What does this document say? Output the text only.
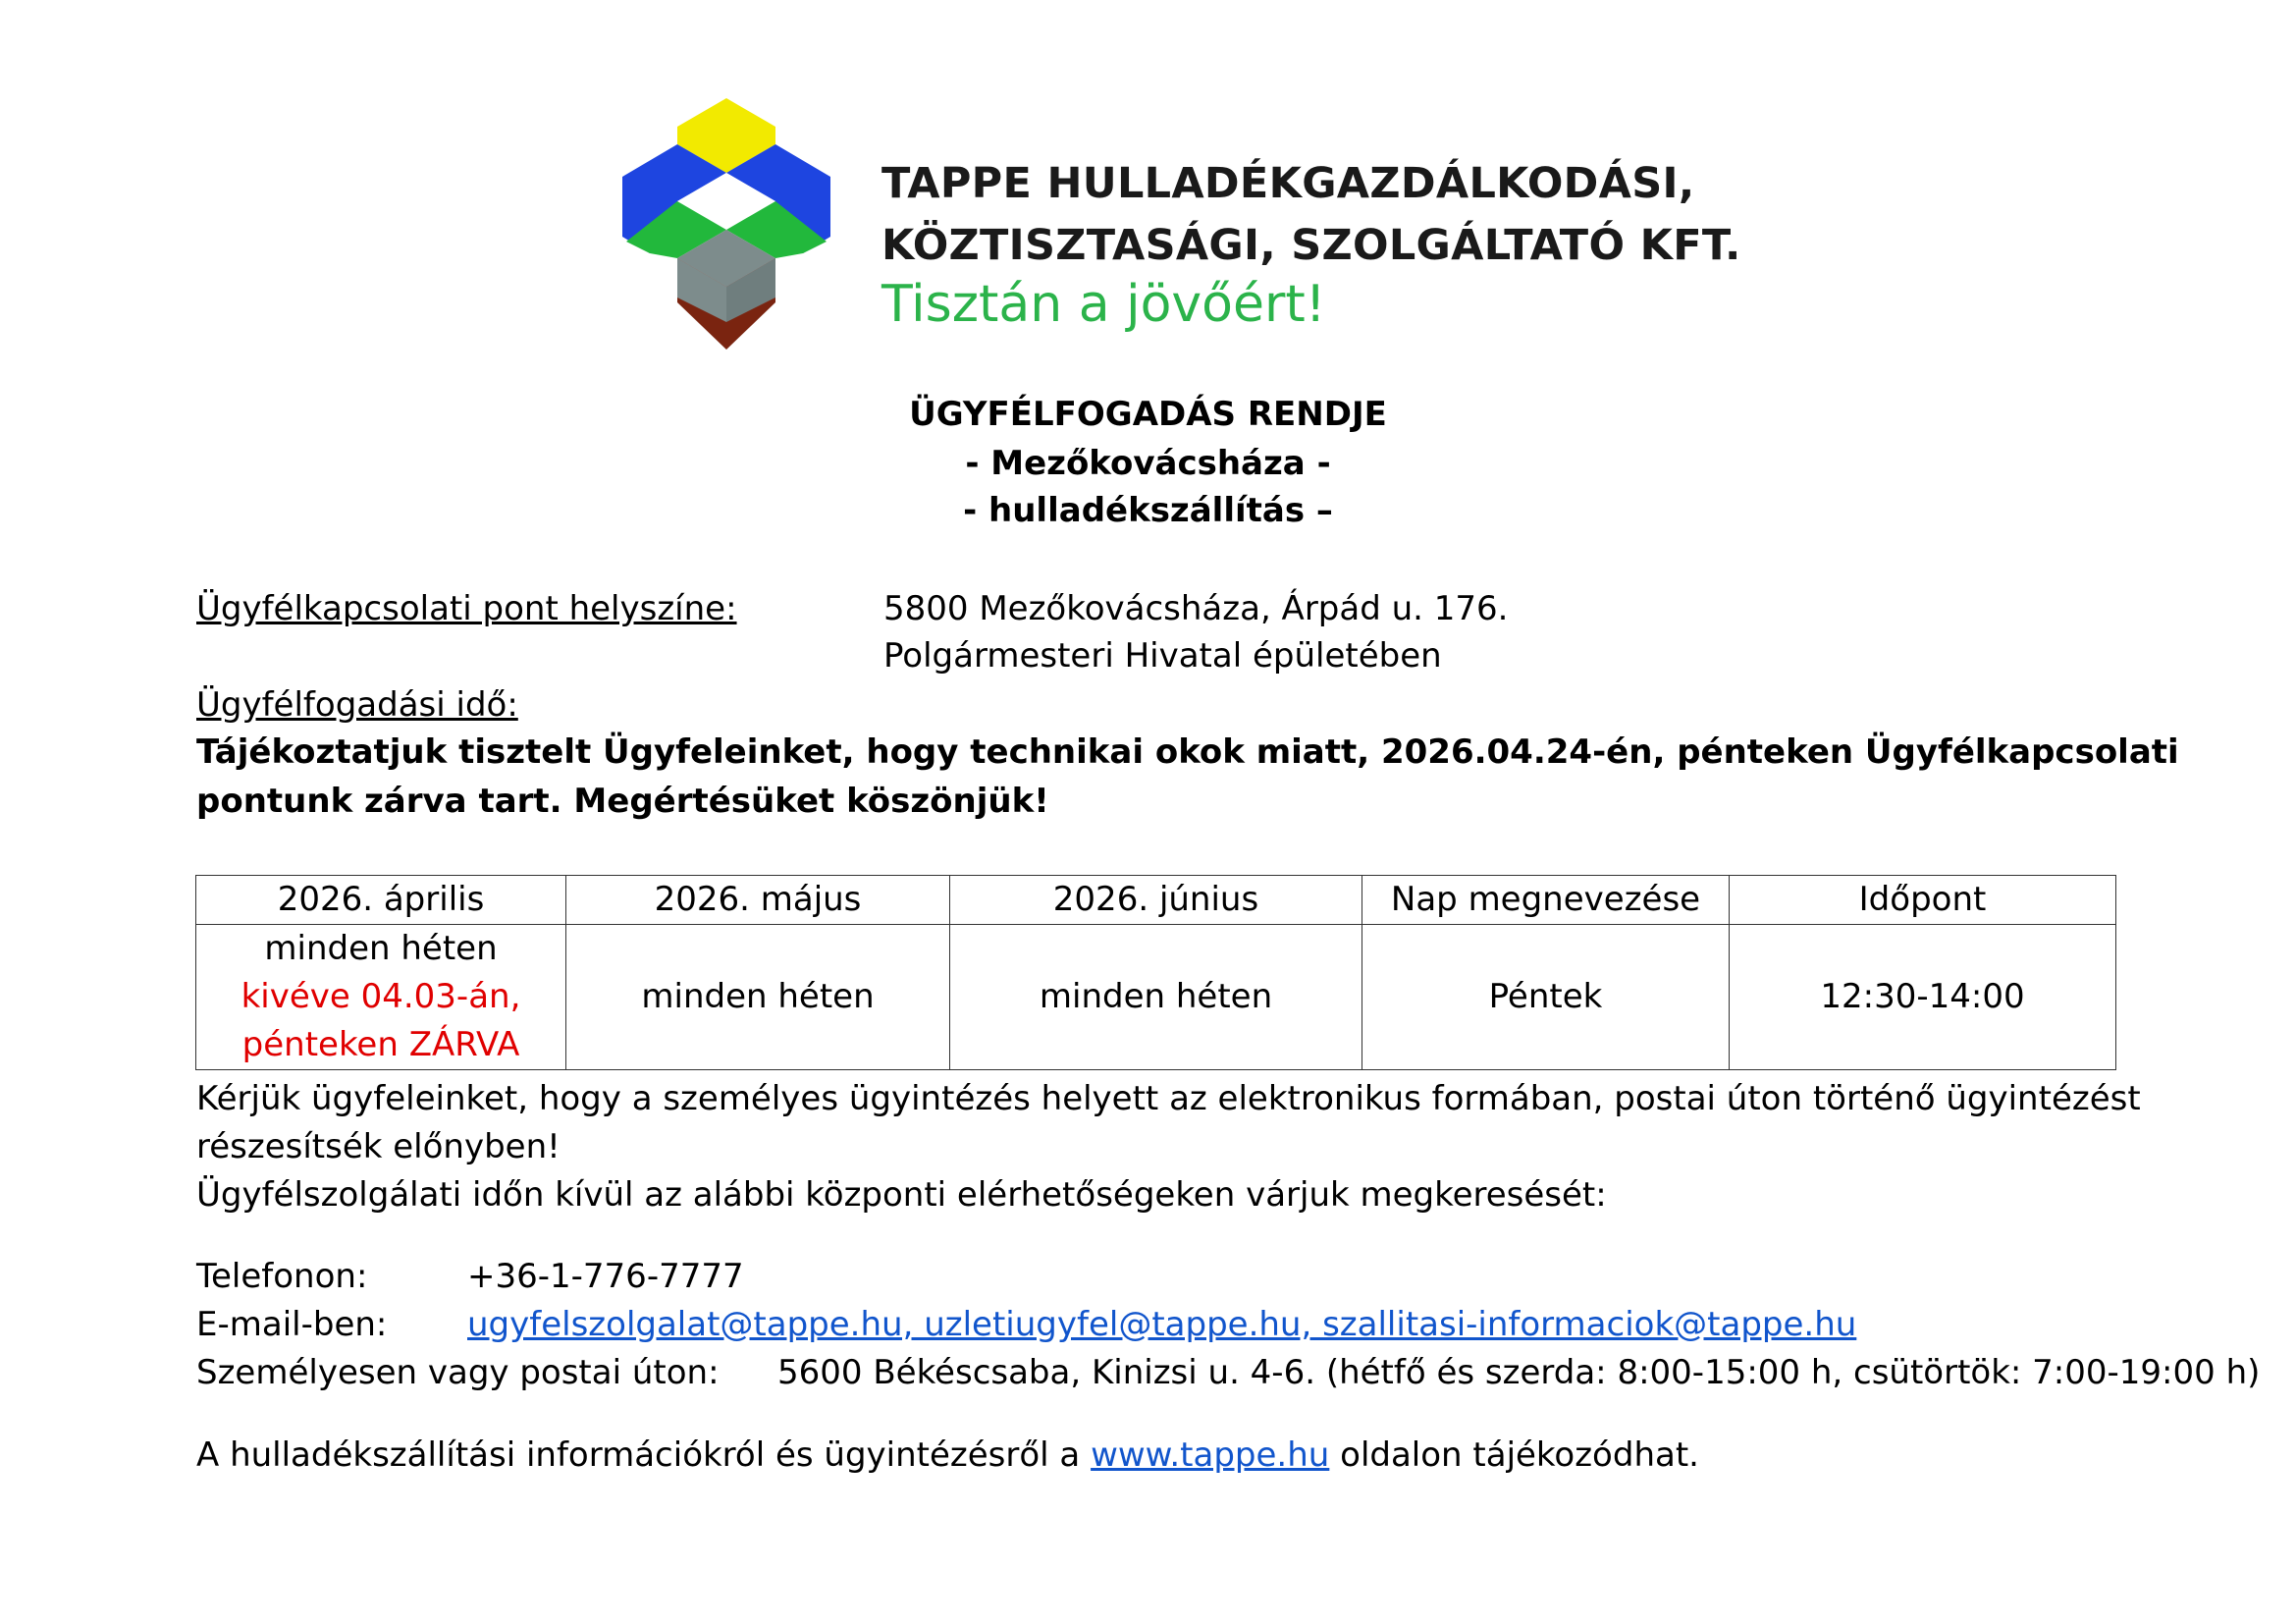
TAPPE HULLADÉKGAZDÁLKODÁSI,
KÖZTISZTASÁGI, SZOLGÁLTATÓ KFT.
Tisztán a jövőért!
ÜGYFÉLFOGADÁS RENDJE
- Mezőkovácsháza -
- hulladékszállítás –
Ügyfélkapcsolati pont helyszíne:	5800 Mezőkovácsháza, Árpád u. 176.
Polgármesteri Hivatal épületében
Ügyfélfogadási idő:
Tájékoztatjuk tisztelt Ügyfeleinket, hogy technikai okok miatt, 2026.04.24-én, pénteken Ügyfélkapcsolati
pontunk zárva tart. Megértésüket köszönjük!
2026. április	2026. május	2026. június	Nap megnevezése	Időpont

minden héten
kivéve 04.03-án,
pénteken ZÁRVA	minden héten	minden héten	Péntek	12:30-14:00
Kérjük ügyfeleinket, hogy a személyes ügyintézés helyett az elektronikus formában, postai úton történő ügyintézést
részesítsék előnyben!
Ügyfélszolgálati időn kívül az alábbi központi elérhetőségeken várjuk megkeresését:
Telefonon:	+36-1-776-7777
E-mail-ben: ugyfelszolgalat@tappe.hu, uzletiugyfel@tappe.hu, szallitasi-informaciok@tappe.hu
Személyesen vagy postai úton: 5600 Békéscsaba, Kinizsi u. 4-6. (hétfő és szerda: 8:00-15:00 h, csütörtök: 7:00-19:00 h)
A hulladékszállítási információkról és ügyintézésről a www.tappe.hu oldalon tájékozódhat.
